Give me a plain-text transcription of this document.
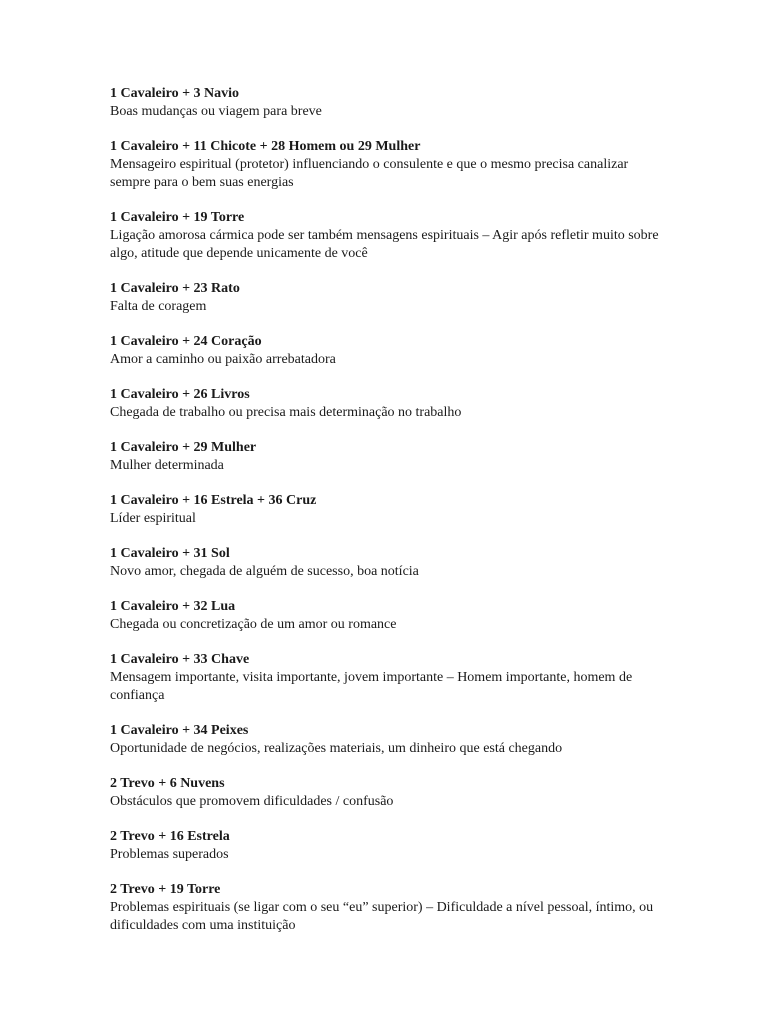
1 Cavaleiro + 3 Navio
Boas mudanças ou viagem para breve
1 Cavaleiro + 11 Chicote + 28 Homem ou 29 Mulher
Mensageiro espiritual (protetor) influenciando o consulente e que o mesmo precisa canalizar sempre para o bem suas energias
1 Cavaleiro + 19 Torre
Ligação amorosa cármica pode ser também mensagens espirituais – Agir após refletir muito sobre algo, atitude que depende unicamente de você
1 Cavaleiro + 23 Rato
Falta de coragem
1 Cavaleiro + 24 Coração
Amor a caminho ou paixão arrebatadora
1 Cavaleiro + 26 Livros
Chegada de trabalho ou precisa mais determinação no trabalho
1 Cavaleiro + 29 Mulher
Mulher determinada
1 Cavaleiro + 16 Estrela + 36 Cruz
Líder espiritual
1 Cavaleiro + 31 Sol
Novo amor, chegada de alguém de sucesso, boa notícia
1 Cavaleiro + 32 Lua
Chegada ou concretização de um amor ou romance
1 Cavaleiro + 33 Chave
Mensagem importante, visita importante, jovem importante – Homem importante, homem de confiança
1 Cavaleiro + 34 Peixes
Oportunidade de negócios, realizações materiais, um dinheiro que está chegando
2 Trevo + 6 Nuvens
Obstáculos que promovem dificuldades / confusão
2 Trevo + 16 Estrela
Problemas superados
2 Trevo + 19 Torre
Problemas espirituais (se ligar com o seu “eu” superior) – Dificuldade a nível pessoal, íntimo, ou dificuldades com uma instituição
